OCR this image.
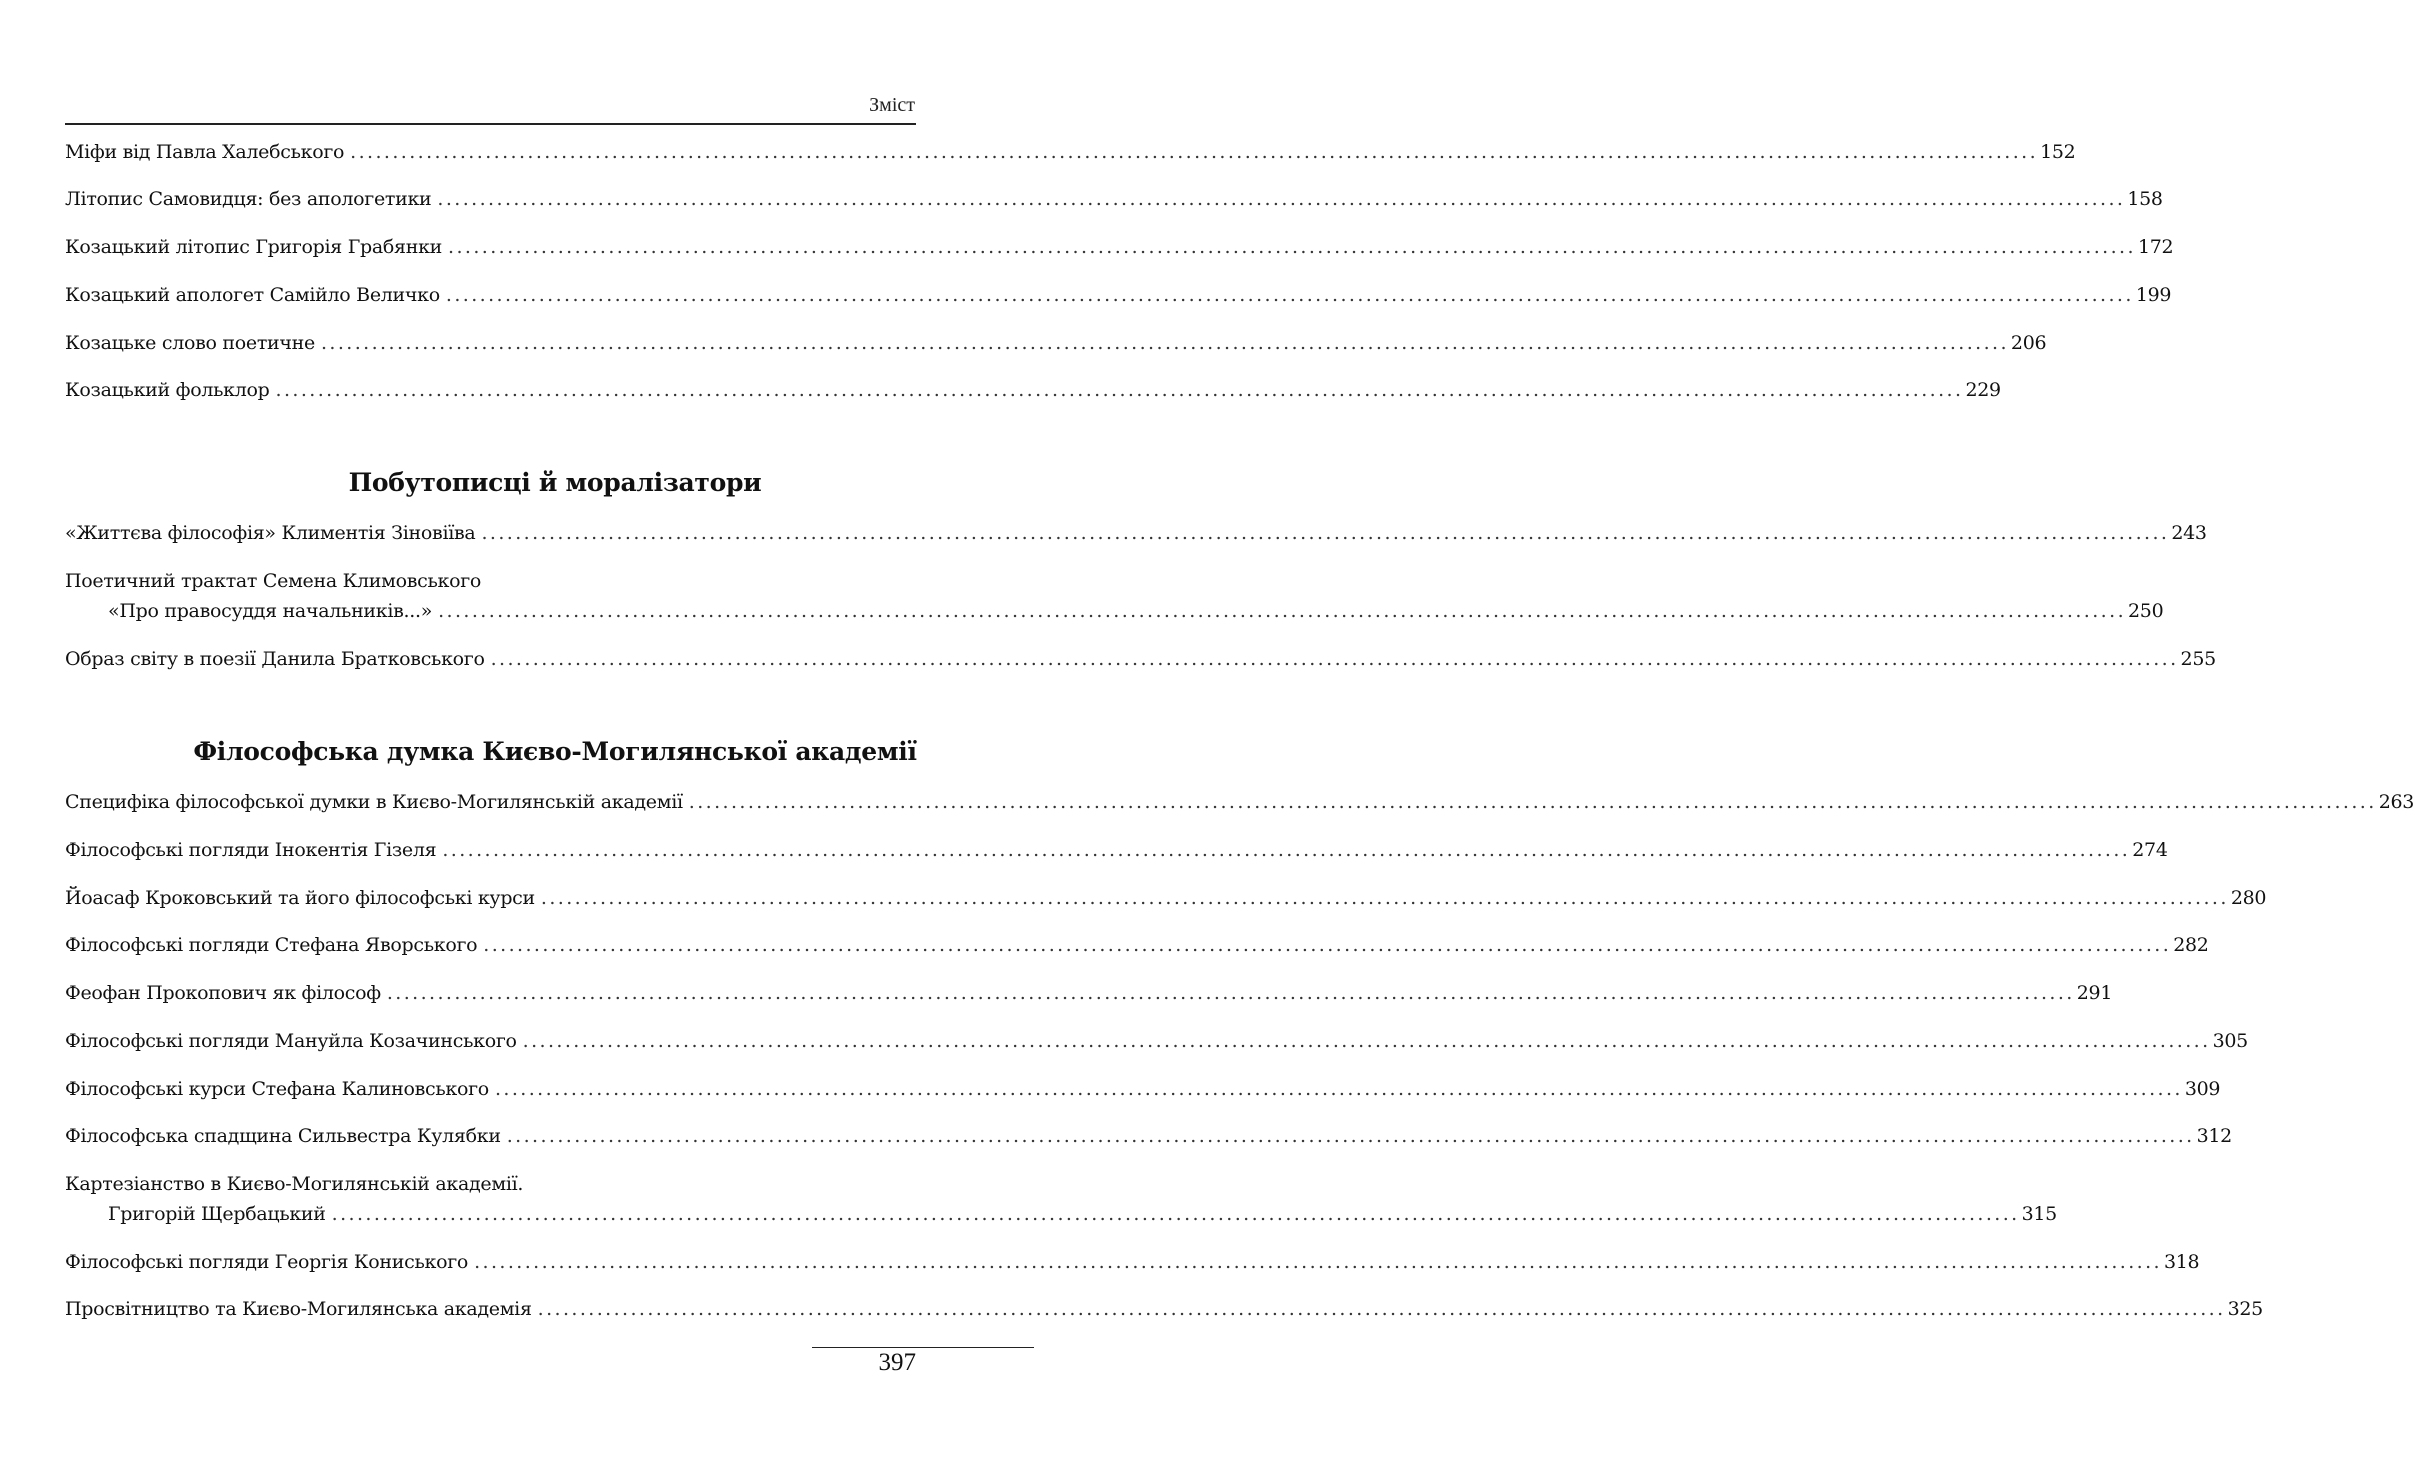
Зміст
Міфи від Павла Халебського ........................................................................................................................................................................................................ 152
Літопис Самовидця: без апологетики ........................................................................................................................................................................................................ 158
Козацький літопис Григорія Грабянки ........................................................................................................................................................................................................ 172
Козацький апологет Самійло Величко ........................................................................................................................................................................................................ 199
Козацьке слово поетичне ........................................................................................................................................................................................................ 206
Козацький фольклор ........................................................................................................................................................................................................ 229
Побутописці й моралізатори
«Життєва філософія» Климентія Зіновіїва ........................................................................................................................................................................................................ 243
Поетичний трактат Семена Климовського
«Про правосуддя начальників...» ........................................................................................................................................................................................................ 250
Образ світу в поезії Данила Братковського ........................................................................................................................................................................................................ 255
Філософська думка Києво-Могилянської академії
Специфіка філософської думки в Києво-Могилянській академії ........................................................................................................................................................................................................ 263
Філософські погляди Інокентія Гізеля ........................................................................................................................................................................................................ 274
Йоасаф Кроковський та його філософські курси ........................................................................................................................................................................................................ 280
Філософські погляди Стефана Яворського ........................................................................................................................................................................................................ 282
Феофан Прокопович як філософ ........................................................................................................................................................................................................ 291
Філософські погляди Мануйла Козачинського ........................................................................................................................................................................................................ 305
Філософські курси Стефана Калиновського ........................................................................................................................................................................................................ 309
Філософська спадщина Сильвестра Кулябки ........................................................................................................................................................................................................ 312
Картезіанство в Києво-Могилянській академії.
Григорій Щербацький ........................................................................................................................................................................................................ 315
Філософські погляди Георгія Кониського ........................................................................................................................................................................................................ 318
Просвітництво та Києво-Могилянська академія ........................................................................................................................................................................................................ 325
397
